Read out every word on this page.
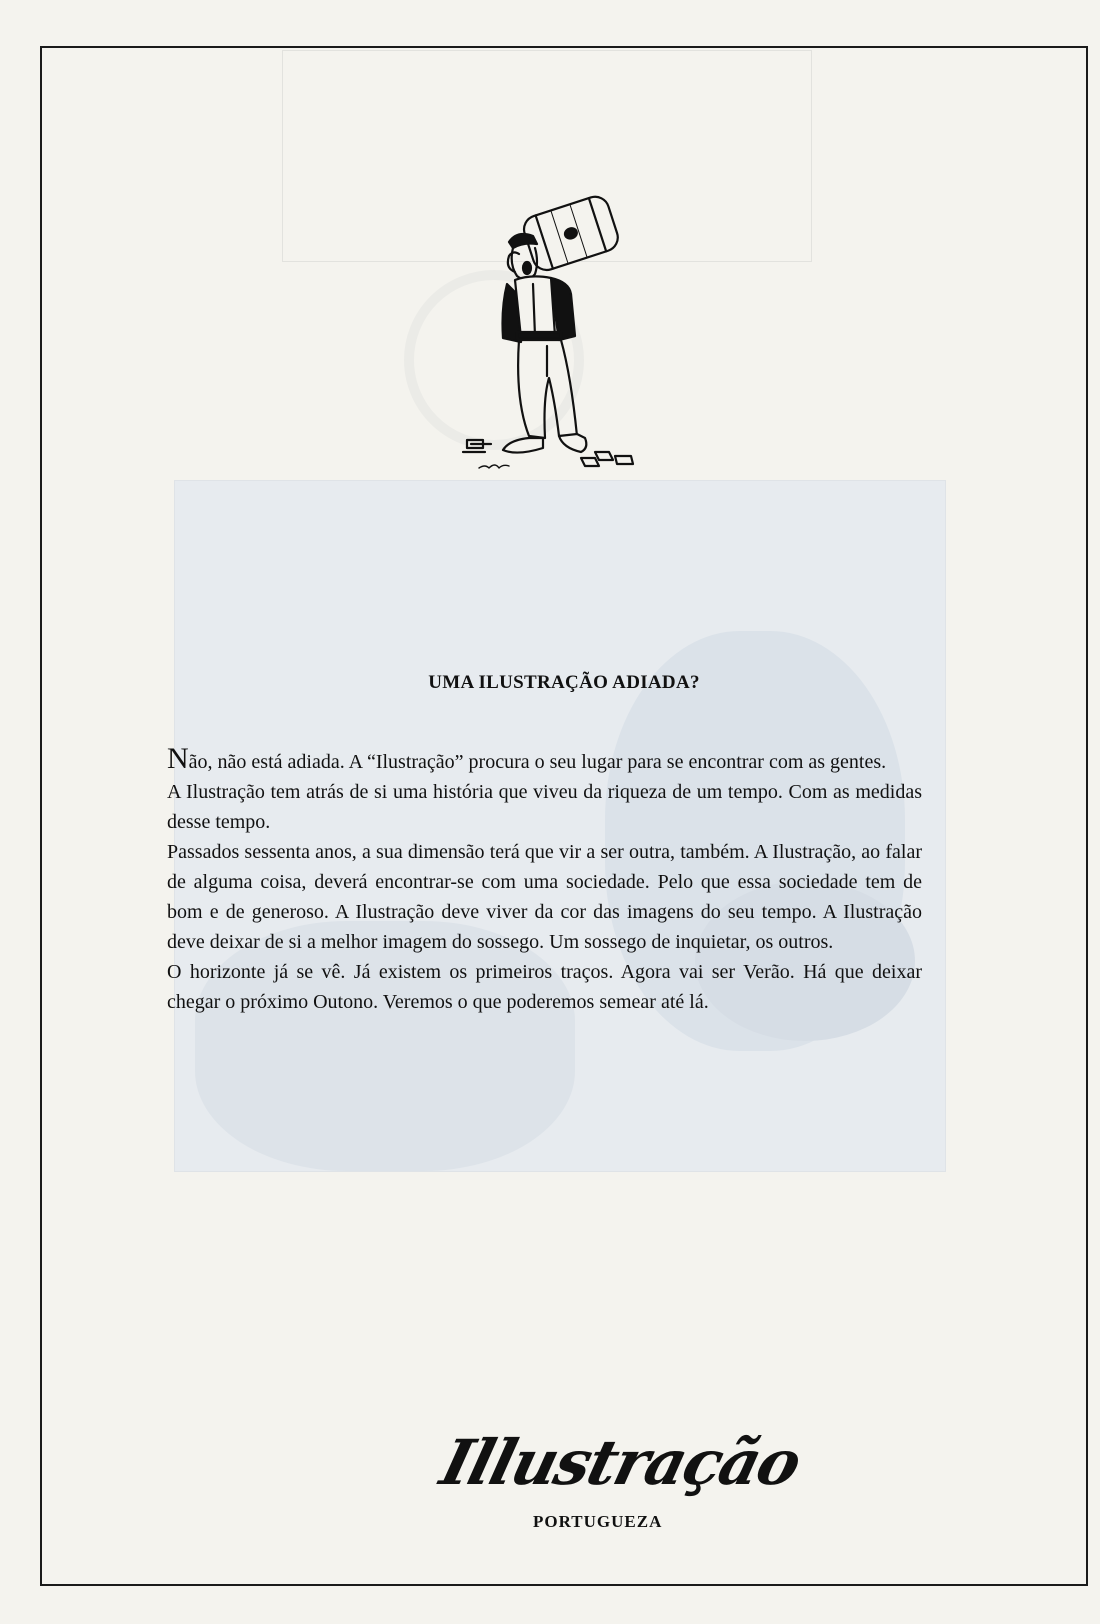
UMA ILUSTRAÇÃO ADIADA?

Não, não está adiada. A “Ilustração” procura o seu lugar para se encontrar com as gentes.

A Ilustração tem atrás de si uma história que viveu da riqueza de um tempo. Com as medidas desse tempo.

Passados sessenta anos, a sua dimensão terá que vir a ser outra, também. A Ilustração, ao falar de alguma coisa, deverá encontrar-se com uma sociedade. Pelo que essa sociedade tem de bom e de generoso. A Ilustração deve viver da cor das imagens do seu tempo. A Ilustração deve deixar de si a melhor imagem do sossego. Um sossego de inquietar, os outros.

O horizonte já se vê. Já existem os primeiros traços. Agora vai ser Verão. Há que deixar chegar o próximo Outono. Veremos o que poderemos semear até lá.

Illustração
PORTUGUEZA
